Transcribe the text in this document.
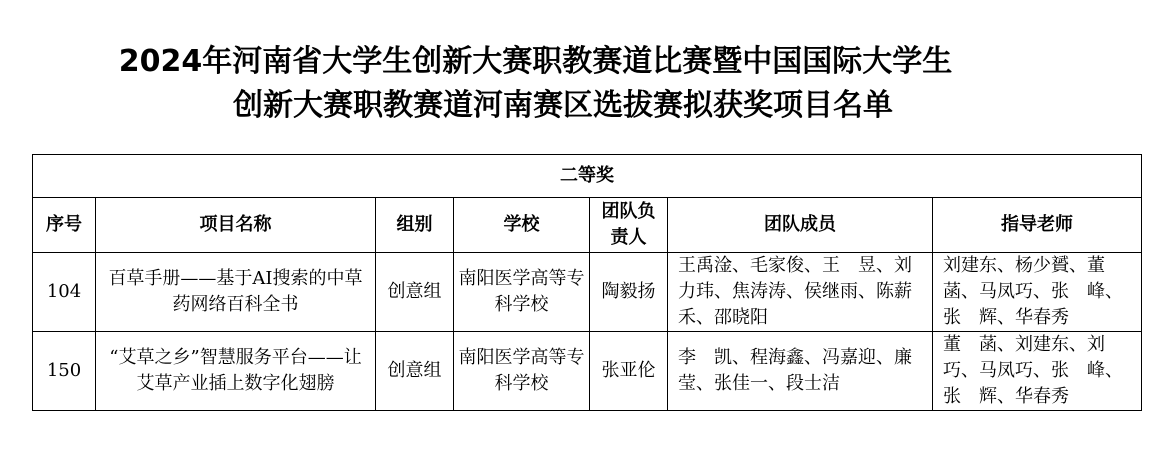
2024年河南省大学生创新大赛职教赛道比赛暨中国国际大学生
创新大赛职教赛道河南赛区选拔赛拟获奖项目名单
二等奖						
序号	项目名称	组别	学校	团队负责人	团队成员	指导老师
104	百草手册——基于AI搜索的中草药网络百科全书	创意组	南阳医学高等专科学校	陶毅扬	王禹淦、毛家俊、王　昱、刘力玮、焦涛涛、侯继雨、陈薪禾、邵晓阳	刘建东、杨少贇、董　菡、马凤巧、张　峰、张　辉、华春秀
150	“艾草之乡”智慧服务平台——让艾草产业插上数字化翅膀	创意组	南阳医学高等专科学校	张亚伦	李　凯、程海鑫、冯嘉迎、廉　莹、张佳一、段士洁	董　菡、刘建东、刘　巧、马凤巧、张　峰、张　辉、华春秀
